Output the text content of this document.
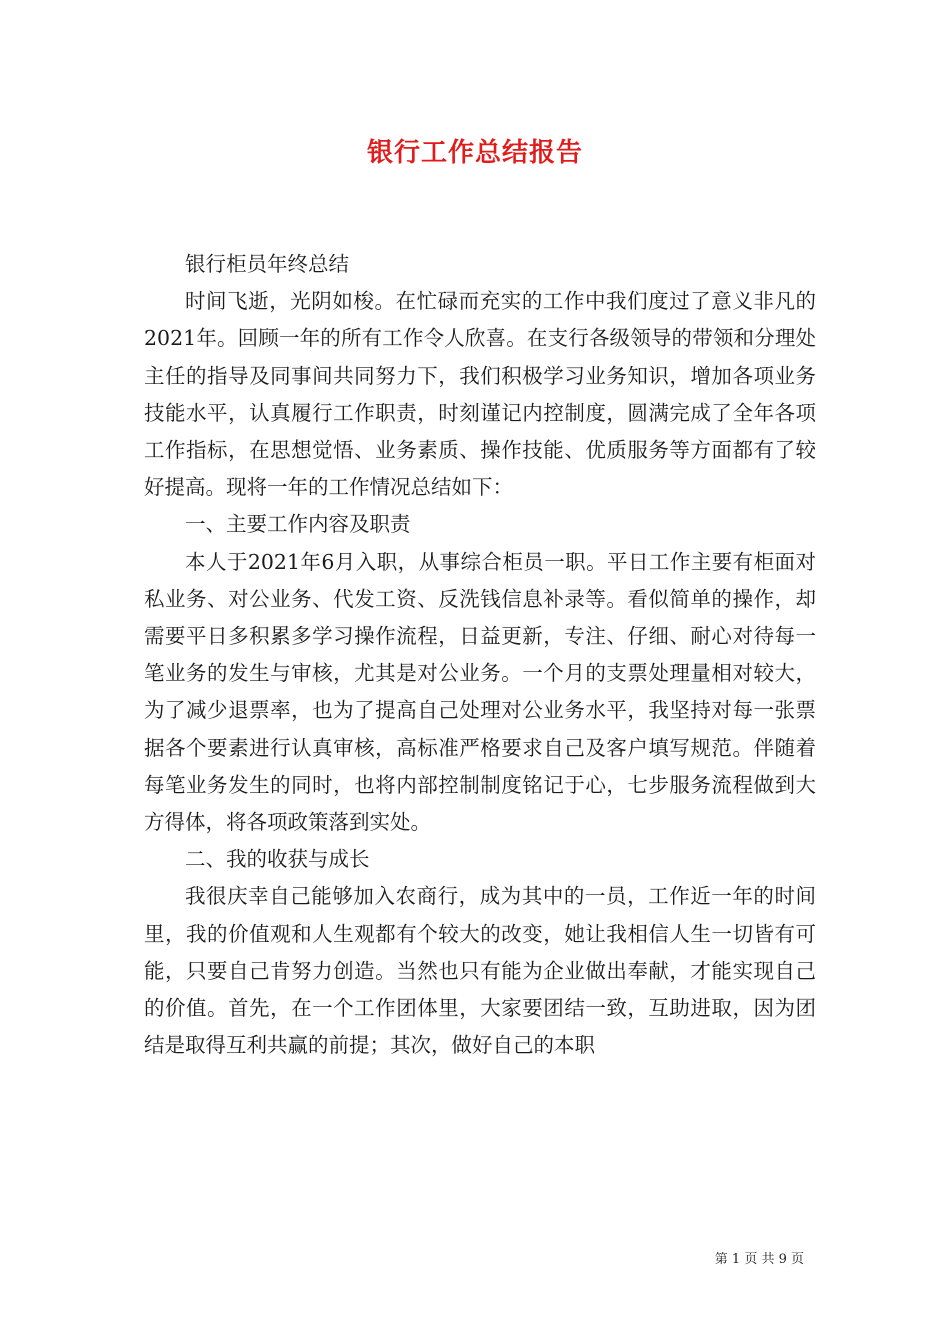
银行工作总结报告

银行柜员年终总结

时间飞逝，光阴如梭。在忙碌而充实的工作中我们度过了意义非凡的2021年。回顾一年的所有工作令人欣喜。在支行各级领导的带领和分理处主任的指导及同事间共同努力下，我们积极学习业务知识，增加各项业务技能水平，认真履行工作职责，时刻谨记内控制度，圆满完成了全年各项工作指标，在思想觉悟、业务素质、操作技能、优质服务等方面都有了较好提高。现将一年的工作情况总结如下：

一、主要工作内容及职责

本人于2021年6月入职，从事综合柜员一职。平日工作主要有柜面对私业务、对公业务、代发工资、反洗钱信息补录等。看似简单的操作，却需要平日多积累多学习操作流程，日益更新，专注、仔细、耐心对待每一笔业务的发生与审核，尤其是对公业务。一个月的支票处理量相对较大，为了减少退票率，也为了提高自己处理对公业务水平，我坚持对每一张票据各个要素进行认真审核，高标准严格要求自己及客户填写规范。伴随着每笔业务发生的同时，也将内部控制制度铭记于心，七步服务流程做到大方得体，将各项政策落到实处。

二、我的收获与成长

我很庆幸自己能够加入农商行，成为其中的一员，工作近一年的时间里，我的价值观和人生观都有个较大的改变，她让我相信人生一切皆有可能，只要自己肯努力创造。当然也只有能为企业做出奉献，才能实现自己的价值。首先，在一个工作团体里，大家要团结一致，互助进取，因为团结是取得互利共赢的前提；其次，做好自己的本职

第 1 页 共 9 页
